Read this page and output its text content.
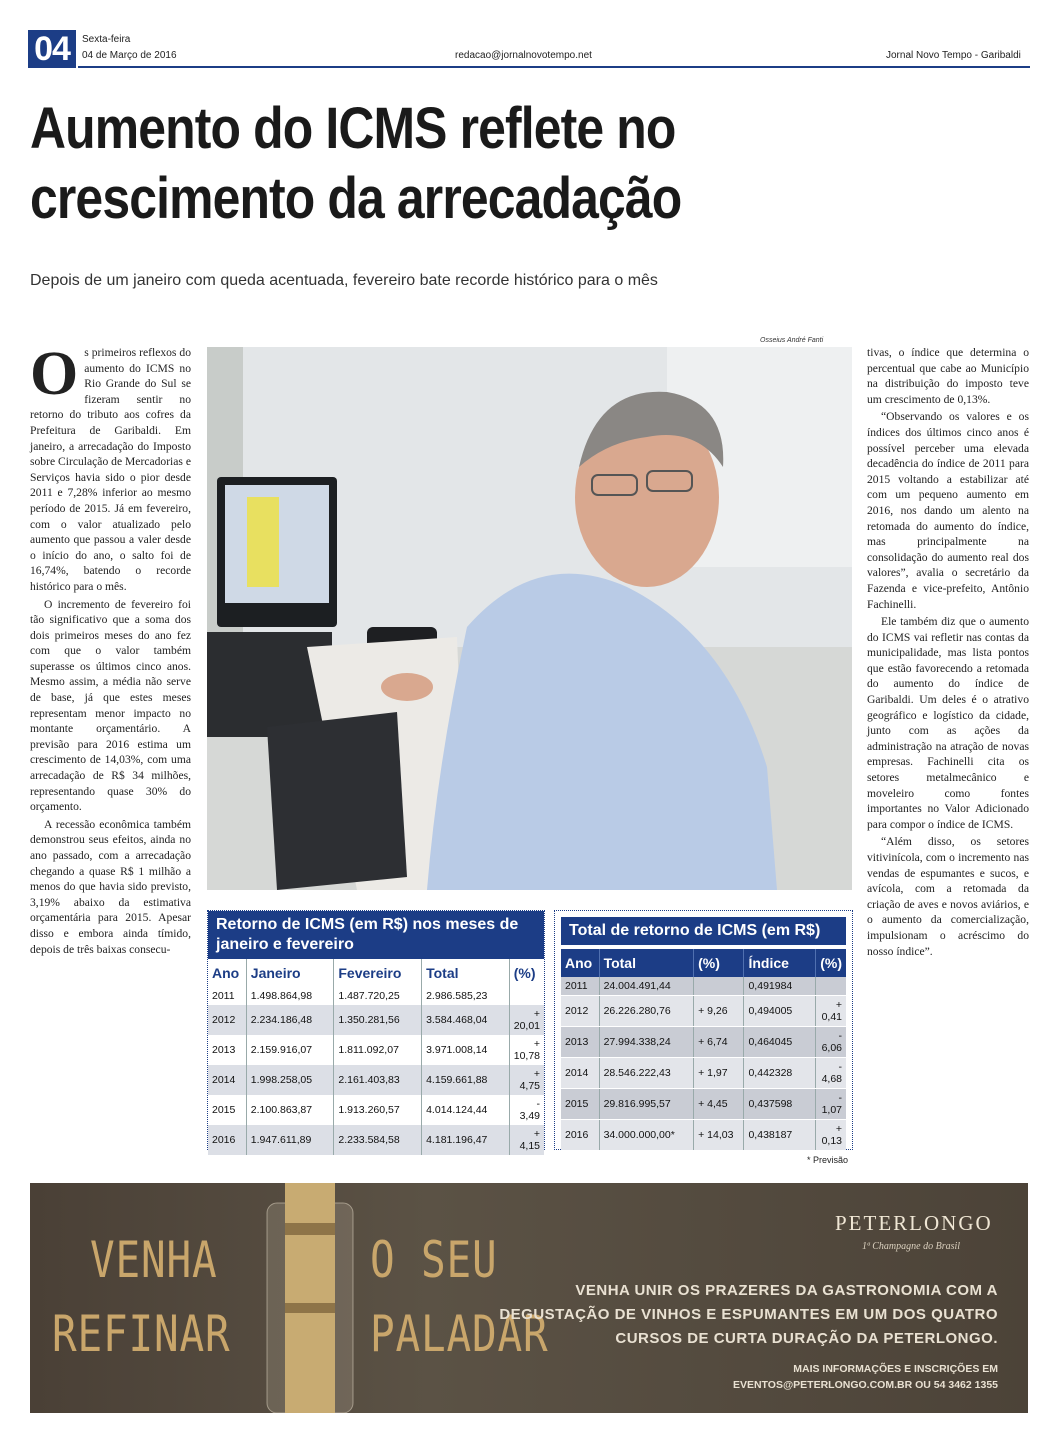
04	Sexta-feira
04 de Março de 2016	redacao@jornalnovotempo.net	Jornal Novo Tempo - Garibaldi
Aumento do ICMS reflete no
crescimento da arrecadação
Depois de um janeiro com queda acentuada, fevereiro bate recorde histórico para o mês

Os primeiros reflexos do aumento do ICMS no Rio Grande do Sul se fizeram sentir no retorno do tributo aos cofres da Prefeitura de Garibaldi. Em janeiro, a arrecadação do Imposto sobre Circulação de Mercadorias e Serviços havia sido o pior desde 2011 e 7,28% inferior ao mesmo período de 2015. Já em fevereiro, com o valor atualizado pelo aumento que passou a valer desde o início do ano, o salto foi de 16,74%, batendo o recorde histórico para o mês.

O incremento de fevereiro foi tão significativo que a soma dos dois primeiros meses do ano fez com que o valor também superasse os últimos cinco anos. Mesmo assim, a média não serve de base, já que estes meses representam menor impacto no montante orçamentário. A previsão para 2016 estima um crescimento de 14,03%, com uma arrecadação de R$ 34 milhões, representando quase 30% do orçamento.

A recessão econômica também demonstrou seus efeitos, ainda no ano passado, com a arrecadação chegando a quase R$ 1 milhão a menos do que havia sido previsto, 3,19% abaixo da estimativa orçamentária para 2015. Apesar disso e embora ainda tímido, depois de três baixas consecu-

Osseius André Fanti

tivas, o índice que determina o percentual que cabe ao Município na distribuição do imposto teve um crescimento de 0,13%.

“Observando os valores e os índices dos últimos cinco anos é possível perceber uma elevada decadência do índice de 2011 para 2015 voltando a estabilizar até com um pequeno aumento em 2016, nos dando um alento na retomada do aumento do índice, mas principalmente na consolidação do aumento real dos valores”, avalia o secretário da Fazenda e vice-prefeito, Antônio Fachinelli.

Ele também diz que o aumento do ICMS vai refletir nas contas da municipalidade, mas lista pontos que estão favorecendo a retomada do aumento do índice de Garibaldi. Um deles é o atrativo geográfico e logístico da cidade, junto com as ações da administração na atração de novas empresas. Fachinelli cita os setores metalmecânico e moveleiro como fontes importantes no Valor Adicionado para compor o índice de ICMS.

“Além disso, os setores vitivinícola, com o incremento nas vendas de espumantes e sucos, e avícola, com a retomada da criação de aves e novos aviários, e o aumento da comercialização, impulsionam o acréscimo do nosso índice”.

Retorno de ICMS (em R$) nos meses de janeiro e fevereiro
Ano	Janeiro	Fevereiro	Total	(%)
2011	1.498.864,98	1.487.720,25	2.986.585,23	
2012	2.234.186,48	1.350.281,56	3.584.468,04	+ 20,01
2013	2.159.916,07	1.811.092,07	3.971.008,14	+ 10,78
2014	1.998.258,05	2.161.403,83	4.159.661,88	+ 4,75
2015	2.100.863,87	1.913.260,57	4.014.124,44	- 3,49
2016	1.947.611,89	2.233.584,58	4.181.196,47	+ 4,15
Total de retorno de ICMS (em R$)
Ano	Total	(%)	Índice	(%)
2011	24.004.491,44		0,491984	
2012	26.226.280,76	+ 9,26	0,494005	+ 0,41
2013	27.994.338,24	+ 6,74	0,464045	- 6,06
2014	28.546.222,43	+ 1,97	0,442328	- 4,68
2015	29.816.995,57	+ 4,45	0,437598	- 1,07
2016	34.000.000,00*	+ 14,03	0,438187	+ 0,13
* Previsão
VENHA	O SEU
REFINAR	PALADAR
PETERLONGO
1ª Champagne do Brasil
VENHA UNIR OS PRAZERES DA GASTRONOMIA COM A
DEGUSTAÇÃO DE VINHOS E ESPUMANTES EM UM DOS QUATRO
CURSOS DE CURTA DURAÇÃO DA PETERLONGO.
MAIS INFORMAÇÕES E INSCRIÇÕES EM
EVENTOS@PETERLONGO.COM.BR OU 54 3462 1355
